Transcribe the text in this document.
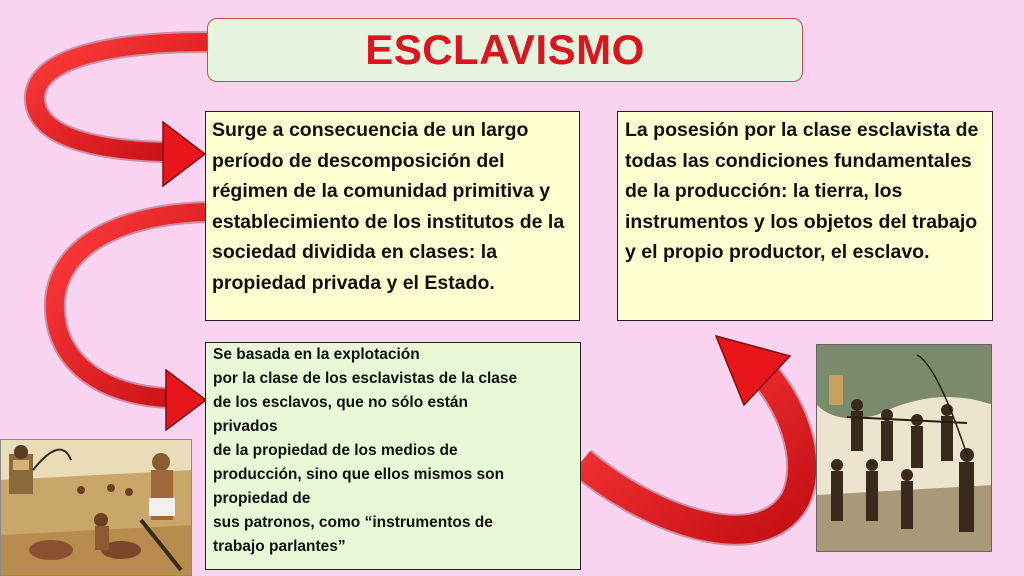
ESCLAVISMO
Surge a consecuencia de un largo período de descomposición del régimen de la comunidad primitiva y establecimiento de los institutos de la sociedad dividida en clases: la propiedad privada y el Estado.
La posesión por la clase esclavista de todas las condiciones fundamentales de la producción: la tierra, los instrumentos y los objetos del trabajo y el propio productor, el esclavo.
Se basada en la explotación
por la clase de los esclavistas de la clase
de los esclavos, que no sólo están
privados
de la propiedad de los medios de
producción, sino que ellos mismos son
propiedad de
sus patronos, como “instrumentos de
trabajo parlantes”
